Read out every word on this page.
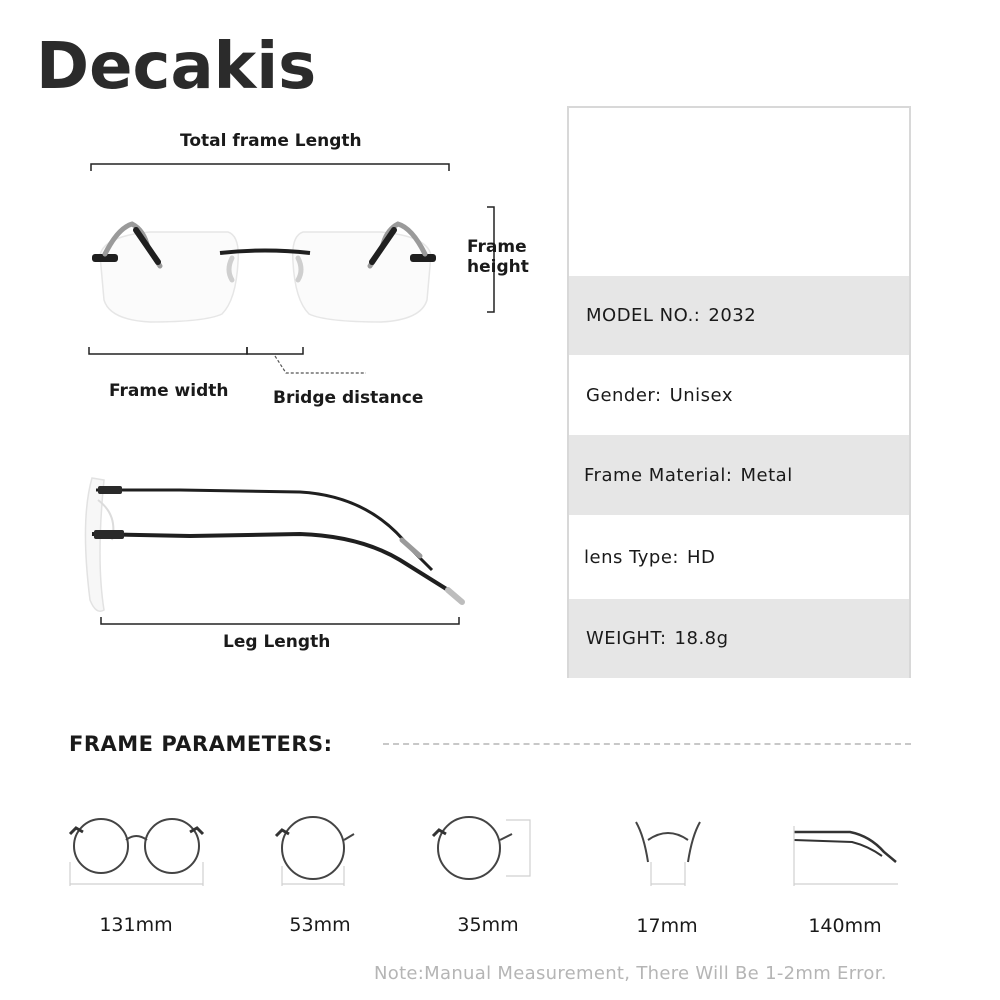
Decakis
Total frame Length
Frame
height
Frame width	Bridge distance
Leg Length
MODEL NO.: 2032
Gender: Unisex
Frame Material: Metal
lens Type: HD
WEIGHT: 18.8g
FRAME PARAMETERS:
131mm	53mm	35mm	17mm	140mm
Note:Manual Measurement, There Will Be 1-2mm Error.
